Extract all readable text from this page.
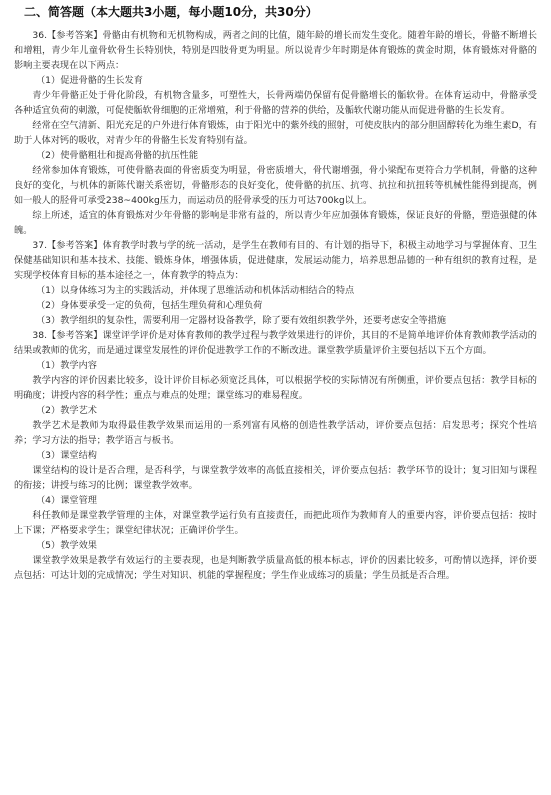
二、简答题（本大题共3小题，每小题10分，共30分）

36.【参考答案】骨骼由有机物和无机物构成，两者之间的比值，随年龄的增长而发生变化。随着年龄的增长，骨骼不断增长和增粗，青少年儿童骨软骨生长特别快，特别是四肢骨更为明显。所以说青少年时期是体育锻炼的黄金时期，体育锻炼对骨骼的影响主要表现在以下两点：

（1）促进骨骼的生长发育

青少年骨骼正处于骨化阶段，有机物含量多，可塑性大，长骨两端仍保留有促骨骼增长的骺软骨。在体育运动中，骨骼承受各种适宜负荷的刺激，可促使骺软骨细胞的正常增殖，利于骨骼的营养的供给，及骺软代谢功能从而促进骨骼的生长发育。

经常在空气清新、阳光充足的户外进行体育锻炼，由于阳光中的紫外线的照射，可使皮肤内的部分胆固醇转化为维生素D，有助于人体对钙的吸收，对青少年的骨骼生长发育特别有益。

（2）使骨骼粗壮和提高骨骼的抗压性能

经常参加体育锻炼，可使骨骼表面的骨密质变为明显，骨密质增大，骨代谢增强，骨小梁配布更符合力学机制，骨骼的这种良好的变化，与机体的新陈代谢关系密切，骨骼形态的良好变化，使骨骼的抗压、抗弯、抗拉和抗扭转等机械性能得到提高，例如一般人的胫骨可承受238~400kg压力，而运动员的胫骨承受的压力可达700kg以上。

综上所述，适宜的体育锻炼对少年骨骼的影响是非常有益的，所以青少年应加强体育锻炼，保证良好的骨骼，塑造强健的体魄。

37.【参考答案】体育教学时教与学的统一活动，是学生在教师有目的、有计划的指导下，积极主动地学习与掌握体育、卫生保健基础知识和基本技术、技能、锻炼身体，增强体质，促进健康，发展运动能力，培养思想品德的一种有组织的教育过程，是实现学校体育目标的基本途径之一，体育教学的特点为：

（1）以身体练习为主的实践活动，并体现了思维活动和机体活动相结合的特点

（2）身体要承受一定的负荷，包括生理负荷和心理负荷

（3）教学组织的复杂性，需要利用一定器材设备教学，除了要有效组织教学外，还要考虑安全等措施

38.【参考答案】课堂评学评价是对体育教师的教学过程与教学效果进行的评价，其目的不是简单地评价体育教师教学活动的结果或教师的优劣，而是通过课堂发展性的评价促进教学工作的不断改进。课堂教学质量评价主要包括以下五个方面。

（1）教学内容

教学内容的评价因素比较多，设计评价目标必须宽泛具体，可以根据学校的实际情况有所侧重，评价要点包括：教学目标的明确度；讲授内容的科学性；重点与难点的处理；课堂练习的难易程度。

（2）教学艺术

教学艺术是教师为取得最佳教学效果而运用的一系列富有风格的创造性教学活动，评价要点包括：启发思考；探究个性培养；学习方法的指导；教学语言与板书。

（3）课堂结构

课堂结构的设计是否合理，是否科学，与课堂教学效率的高低直接相关，评价要点包括：教学环节的设计；复习旧知与课程的衔接；讲授与练习的比例；课堂教学效率。

（4）课堂管理

科任教师是课堂教学管理的主体，对课堂教学运行负有直接责任，而把此项作为教师育人的重要内容，评价要点包括：按时上下课；严格要求学生；课堂纪律状况；正确评价学生。

（5）教学效果

课堂教学效果是教学有效运行的主要表现，也是判断教学质量高低的根本标志，评价的因素比较多，可酌情以选择，评价要点包括：可达计划的完成情况；学生对知识、机能的掌握程度；学生作业成练习的质量；学生员抵是否合理。
